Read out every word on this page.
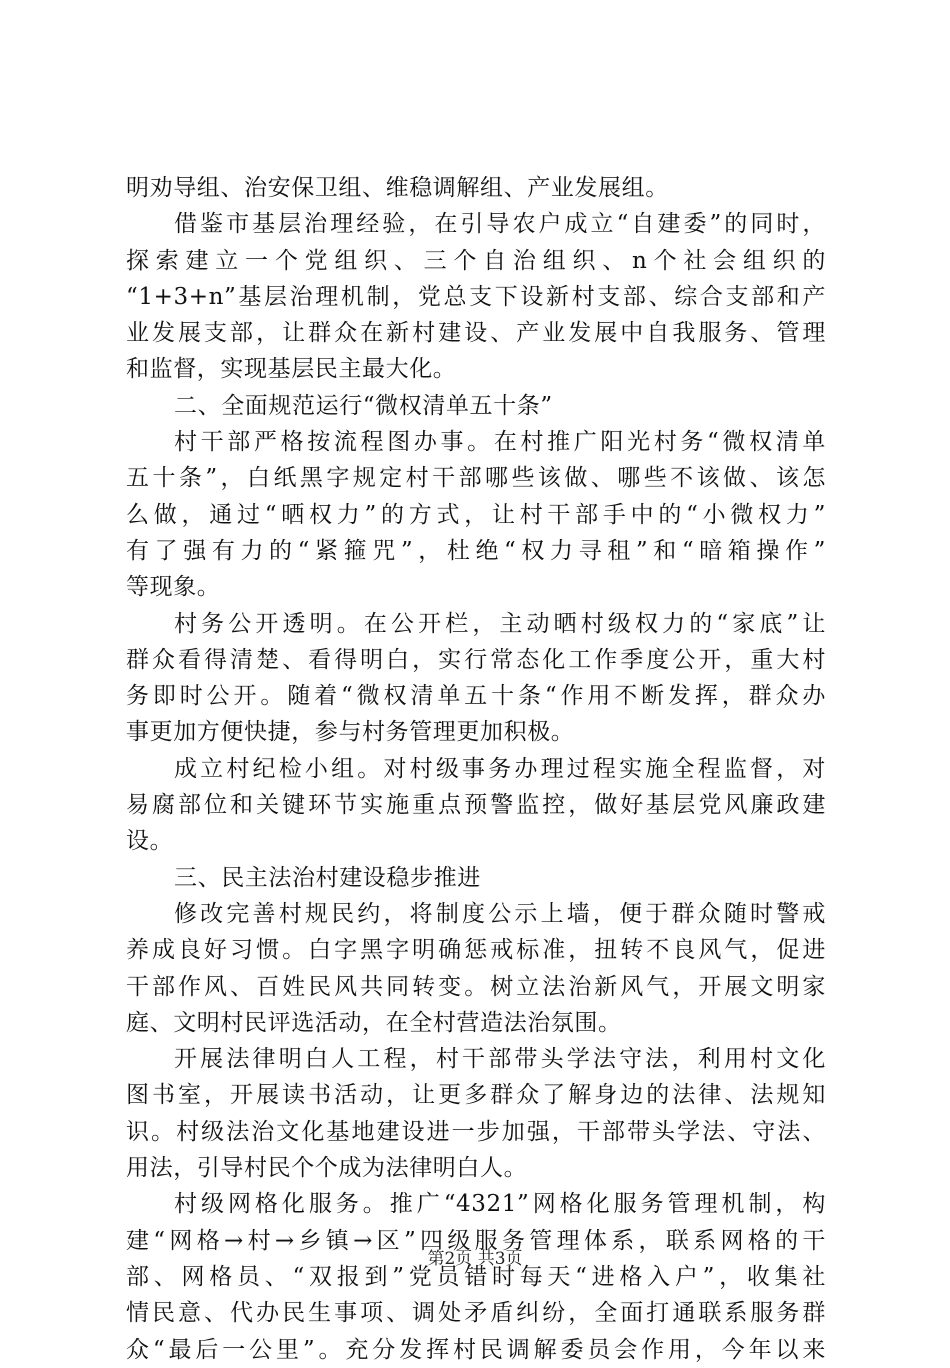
明劝导组、治安保卫组、维稳调解组、产业发展组。
借鉴市基层治理经验，在引导农户成立“自建委”的同时，
探索建立一个党组织、三个自治组织、n个社会组织的
“1+3+n”基层治理机制，党总支下设新村支部、综合支部和产
业发展支部，让群众在新村建设、产业发展中自我服务、管理
和监督，实现基层民主最大化。
二、全面规范运行“微权清单五十条”
村干部严格按流程图办事。在村推广阳光村务“微权清单
五十条”，白纸黑字规定村干部哪些该做、哪些不该做、该怎
么做，通过“晒权力”的方式，让村干部手中的“小微权力”
有了强有力的“紧箍咒”，杜绝“权力寻租”和“暗箱操作”
等现象。
村务公开透明。在公开栏，主动晒村级权力的“家底”让
群众看得清楚、看得明白，实行常态化工作季度公开，重大村
务即时公开。随着“微权清单五十条“作用不断发挥，群众办
事更加方便快捷，参与村务管理更加积极。
成立村纪检小组。对村级事务办理过程实施全程监督，对
易腐部位和关键环节实施重点预警监控，做好基层党风廉政建
设。
三、民主法治村建设稳步推进
修改完善村规民约，将制度公示上墙，便于群众随时警戒
养成良好习惯。白字黑字明确惩戒标准，扭转不良风气，促进
干部作风、百姓民风共同转变。树立法治新风气，开展文明家
庭、文明村民评选活动，在全村营造法治氛围。
开展法律明白人工程，村干部带头学法守法，利用村文化
图书室，开展读书活动，让更多群众了解身边的法律、法规知
识。村级法治文化基地建设进一步加强，干部带头学法、守法、
用法，引导村民个个成为法律明白人。
村级网格化服务。推广“4321”网格化服务管理机制，构
建“网格→村→乡镇→区”四级服务管理体系，联系网格的干
部、网格员、“双报到”党员错时每天“进格入户”，收集社
情民意、代办民生事项、调处矛盾纠纷，全面打通联系服务群
众“最后一公里”。充分发挥村民调解委员会作用，今年以来
第2页 共3页
